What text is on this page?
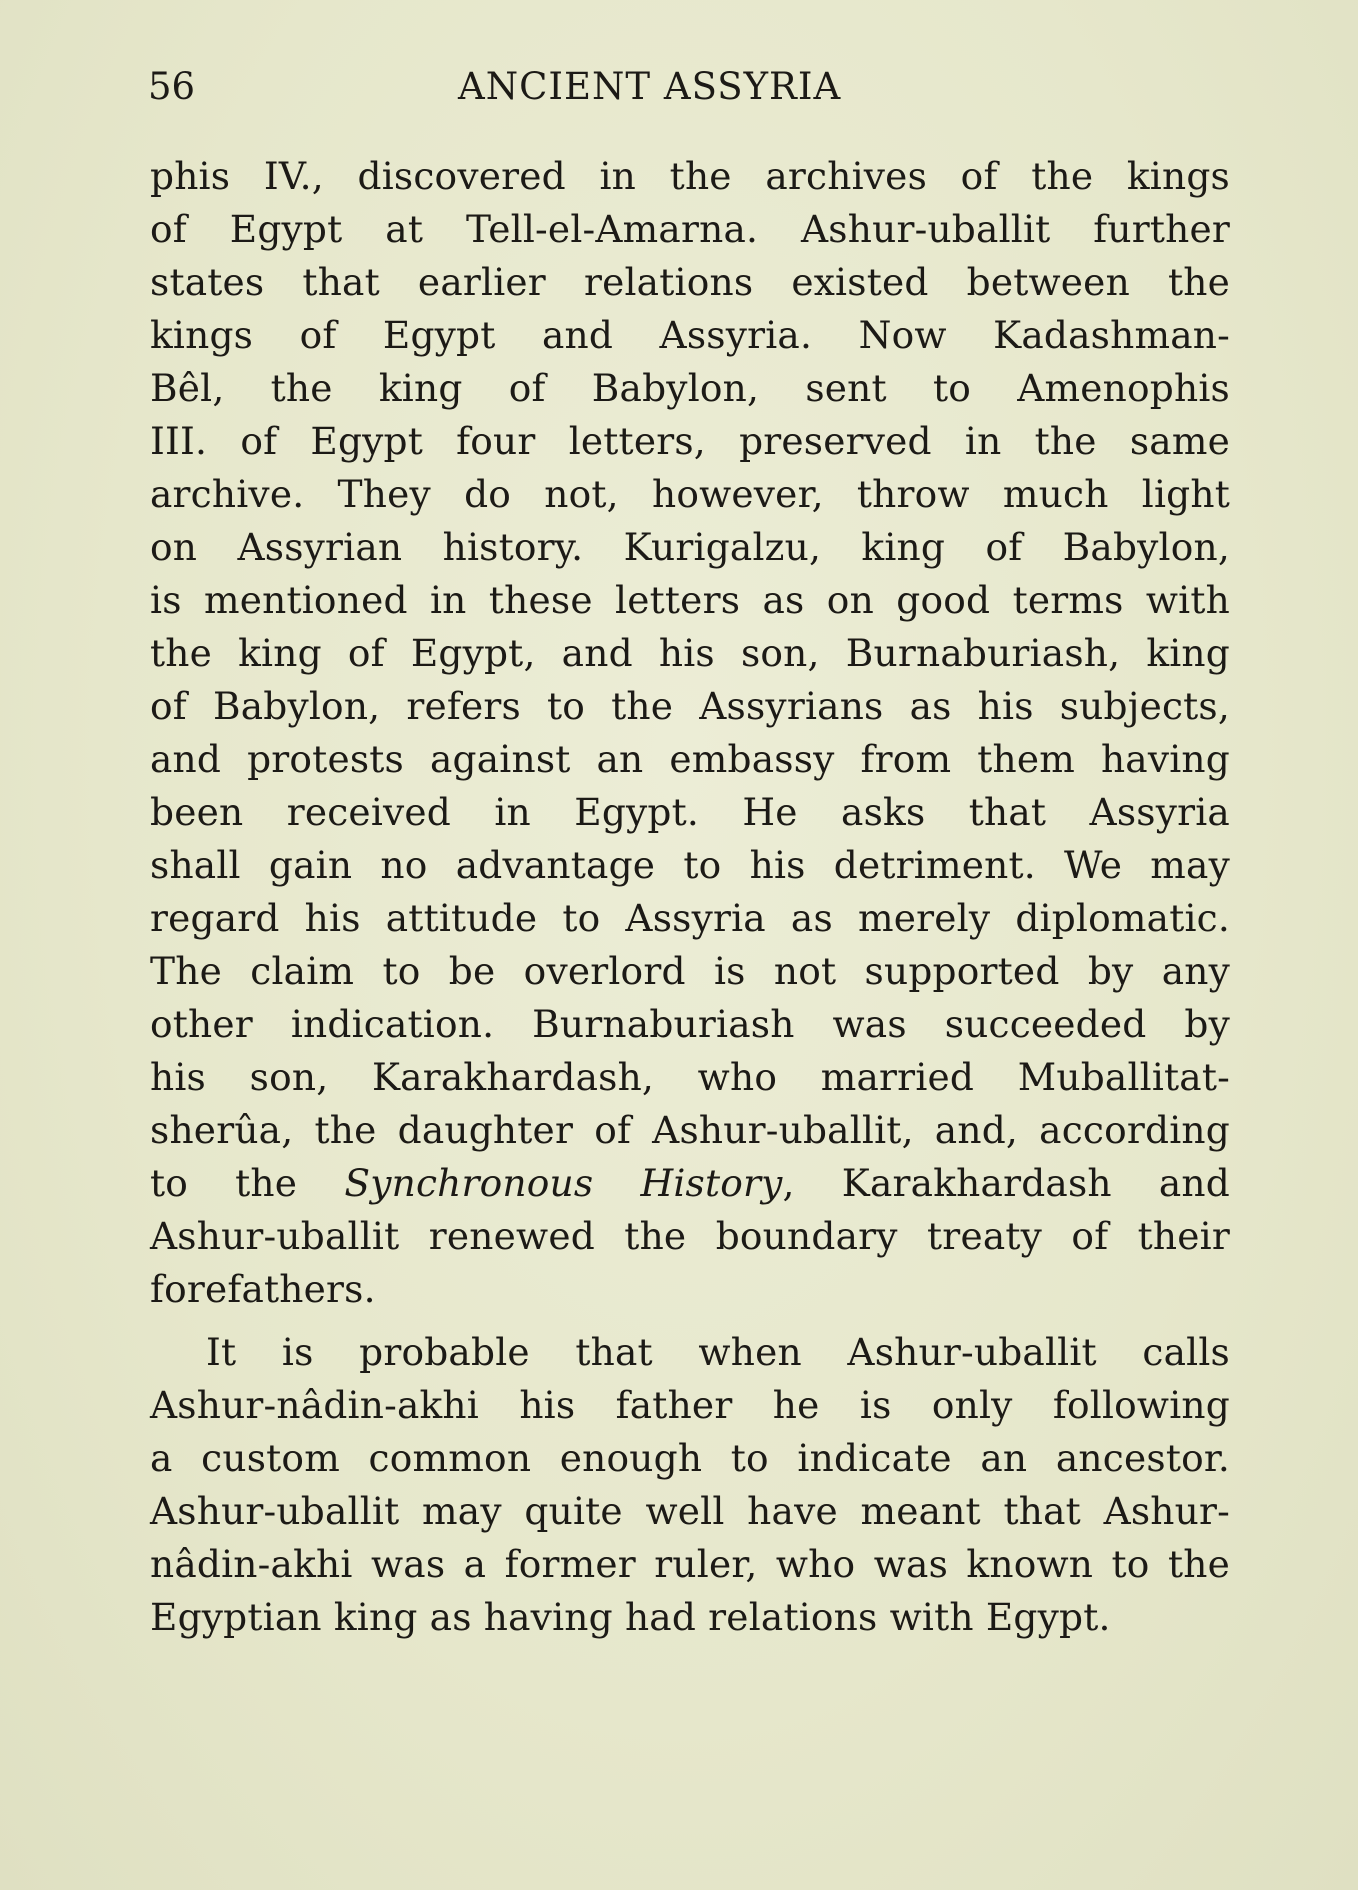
56	ANCIENT ASSYRIA
phis IV., discovered in the archives of the kings
of Egypt at Tell-el-Amarna. Ashur-uballit further
states that earlier relations existed between the
kings of Egypt and Assyria. Now Kadashman-
Bêl, the king of Babylon, sent to Amenophis
III. of Egypt four letters, preserved in the same
archive. They do not, however, throw much light
on Assyrian history. Kurigalzu, king of Babylon,
is mentioned in these letters as on good terms with
the king of Egypt, and his son, Burnaburiash, king
of Babylon, refers to the Assyrians as his subjects,
and protests against an embassy from them having
been received in Egypt. He asks that Assyria
shall gain no advantage to his detriment. We may
regard his attitude to Assyria as merely diplomatic.
The claim to be overlord is not supported by any
other indication. Burnaburiash was succeeded by
his son, Karakhardash, who married Muballitat-
sherûa, the daughter of Ashur-uballit, and, according
to the Synchronous History, Karakhardash and
Ashur-uballit renewed the boundary treaty of their
forefathers.
It is probable that when Ashur-uballit calls
Ashur-nâdin-akhi his father he is only following
a custom common enough to indicate an ancestor.
Ashur-uballit may quite well have meant that Ashur-
nâdin-akhi was a former ruler, who was known to the
Egyptian king as having had relations with Egypt.
